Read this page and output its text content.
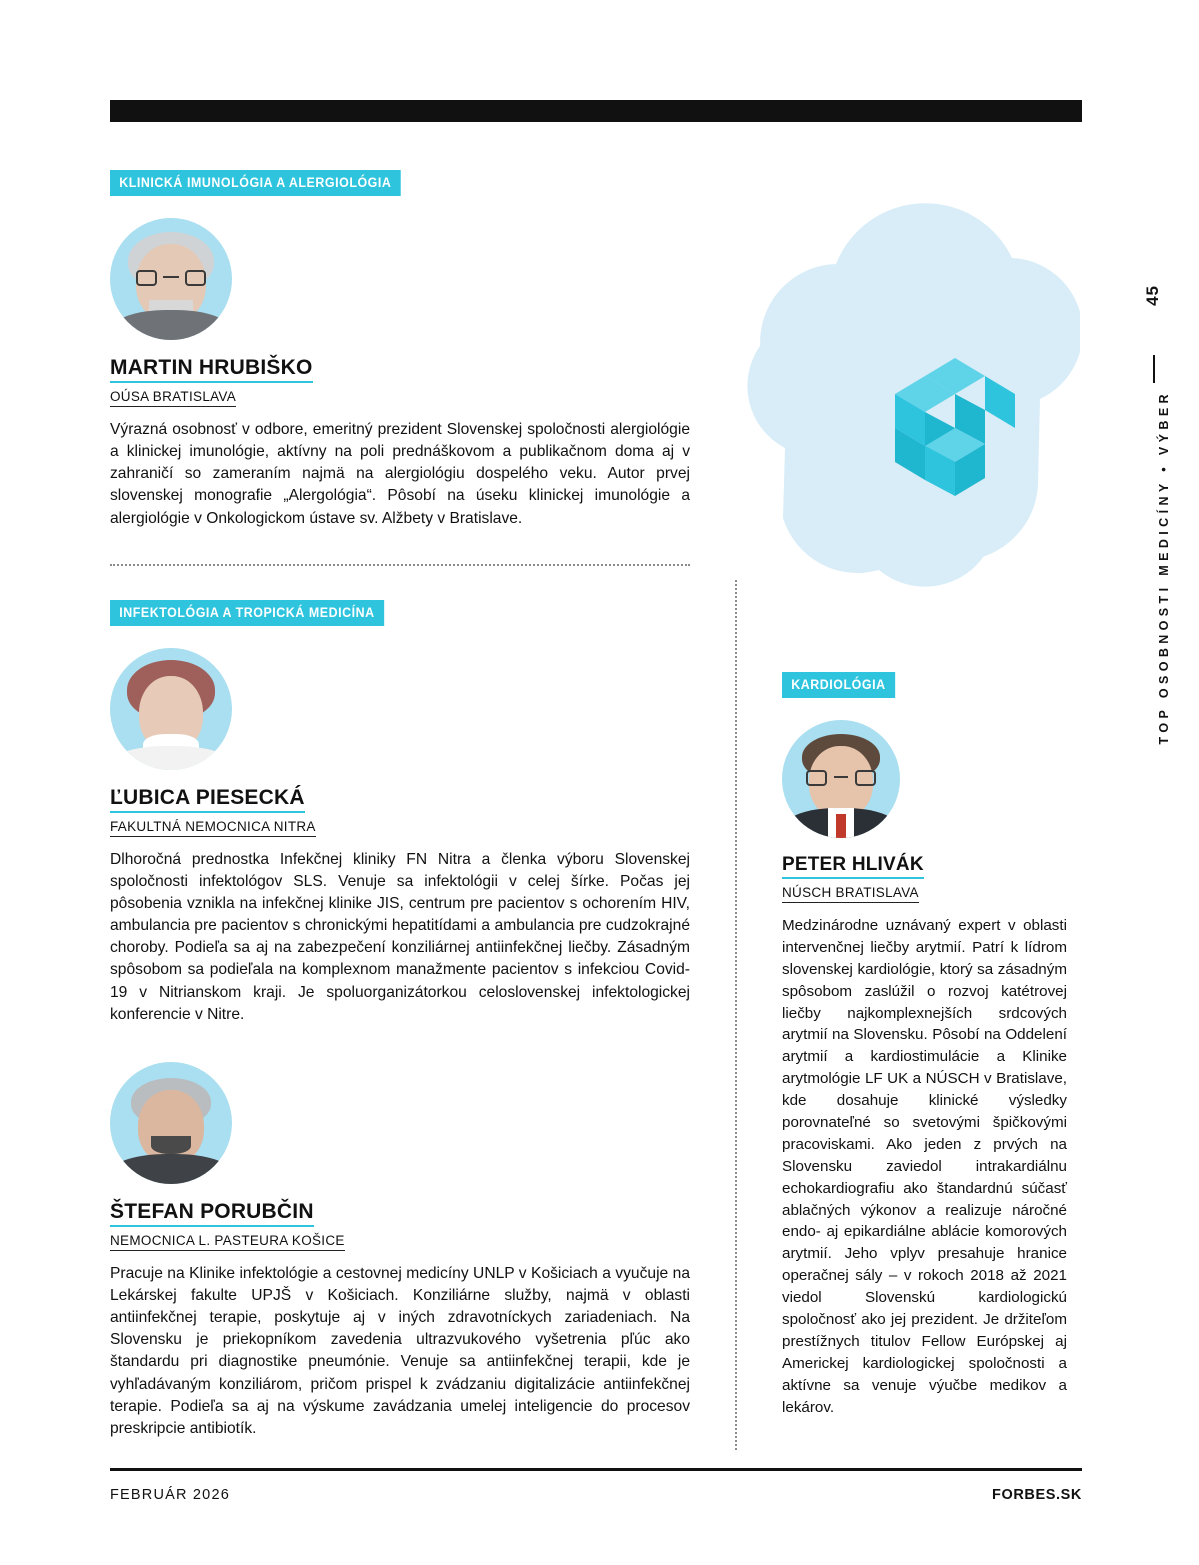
45
TOP OSOBNOSTI MEDICÍNY • VÝBER
KLINICKÁ IMUNOLÓGIA A ALERGIOLÓGIA
MARTIN HRUBIŠKO
OÚSA BRATISLAVA

Výrazná osobnosť v odbore, emeritný prezident Slovenskej spoločnosti alergiológie a klinickej imunológie, aktívny na poli prednáškovom a publikačnom doma aj v zahraničí so zameraním najmä na alergiológiu dospelého veku. Autor prvej slovenskej monografie „Alergológia“. Pôsobí na úseku klinickej imunológie a alergiológie v Onkologickom ústave sv. Alžbety v Bratislave.

INFEKTOLÓGIA A TROPICKÁ MEDICÍNA
ĽUBICA PIESECKÁ
FAKULTNÁ NEMOCNICA NITRA

Dlhoročná prednostka Infekčnej kliniky FN Nitra a členka výboru Slovenskej spoločnosti infektológov SLS. Venuje sa infektológii v celej šírke. Počas jej pôsobenia vznikla na infekčnej klinike JIS, centrum pre pacientov s ochorením HIV, ambulancia pre pacientov s chronickými hepatitídami a ambulancia pre cudzokrajné choroby. Podieľa sa aj na zabezpečení konziliárnej antiinfekčnej liečby. Zásadným spôsobom sa podieľala na komplexnom manažmente pacientov s infekciou Covid-19 v Nitrianskom kraji. Je spoluorganizátorkou celoslovenskej infektologickej konferencie v Nitre.

ŠTEFAN PORUBČIN
NEMOCNICA L. PASTEURA KOŠICE

Pracuje na Klinike infektológie a cestovnej medicíny UNLP v Košiciach a vyučuje na Lekárskej fakulte UPJŠ v Košiciach. Konziliárne služby, najmä v oblasti antiinfekčnej terapie, poskytuje aj v iných zdravotníckych zariadeniach. Na Slovensku je priekopníkom zavedenia ultrazvukového vyšetrenia pľúc ako štandardu pri diagnostike pneumónie. Venuje sa antiinfekčnej terapii, kde je vyhľadávaným konziliárom, pričom prispel k zvádzaniu digitalizácie antiinfekčnej terapie. Podieľa sa aj na výskume zavádzania umelej inteligencie do procesov preskripcie antibiotík.

KARDIOLÓGIA
PETER HLIVÁK
NÚSCH BRATISLAVA

Medzinárodne uznávaný expert v oblasti intervenčnej liečby arytmií. Patrí k lídrom slovenskej kardiológie, ktorý sa zásadným spôsobom zaslúžil o rozvoj katétrovej liečby najkomplexnejších srdcových arytmií na Slovensku. Pôsobí na Oddelení arytmií a kardiostimulácie a Klinike arytmológie LF UK a NÚSCH v Bratislave, kde dosahuje klinické výsledky porovnateľné so svetovými špičkovými pracoviskami. Ako jeden z prvých na Slovensku zaviedol intrakardiálnu echokardiografiu ako štandardnú súčasť ablačných výkonov a realizuje náročné endo- aj epikardiálne ablácie komorových arytmií. Jeho vplyv presahuje hranice operačnej sály – v rokoch 2018 až 2021 viedol Slovenskú kardiologickú spoločnosť ako jej prezident. Je držiteľom prestížnych titulov Fellow Európskej aj Americkej kardiologickej spoločnosti a aktívne sa venuje výučbe medikov a lekárov.

FEBRUÁR 2026	FORBES.SK
